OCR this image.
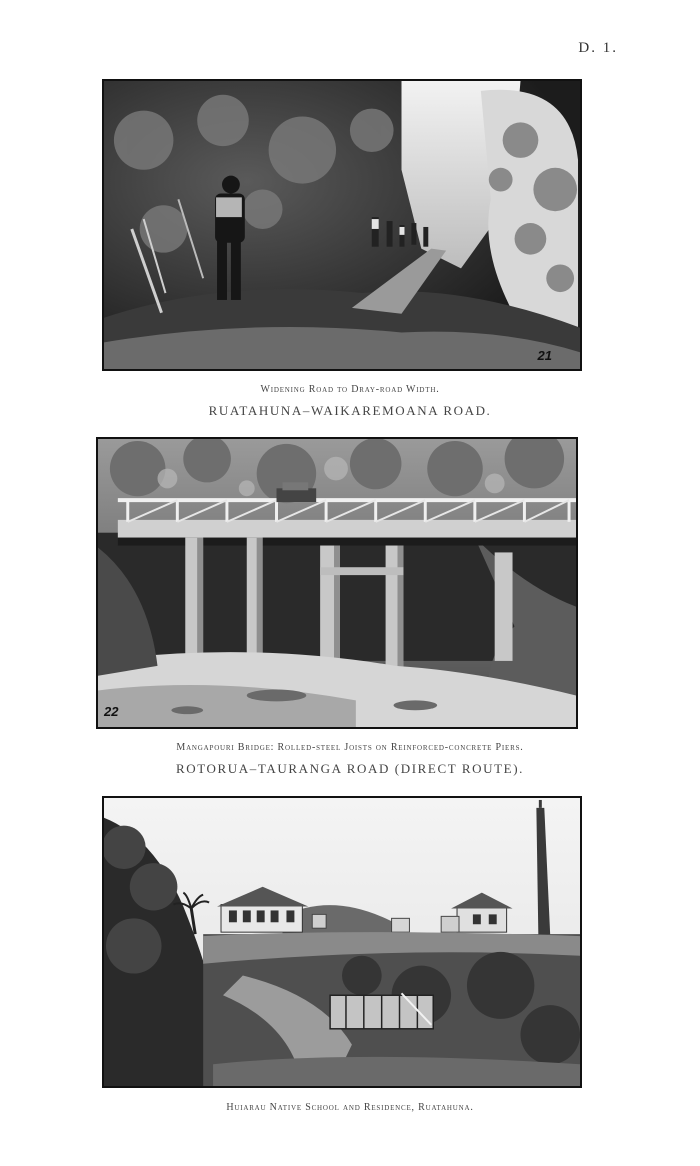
D. 1.
21
Widening Road to Dray-road Width.
RUATAHUNA–WAIKAREMOANA ROAD.
22
Mangapouri Bridge: Rolled-steel Joists on Reinforced-concrete Piers.
ROTORUA–TAURANGA ROAD (DIRECT ROUTE).
Huiarau Native School and Residence, Ruatahuna.
